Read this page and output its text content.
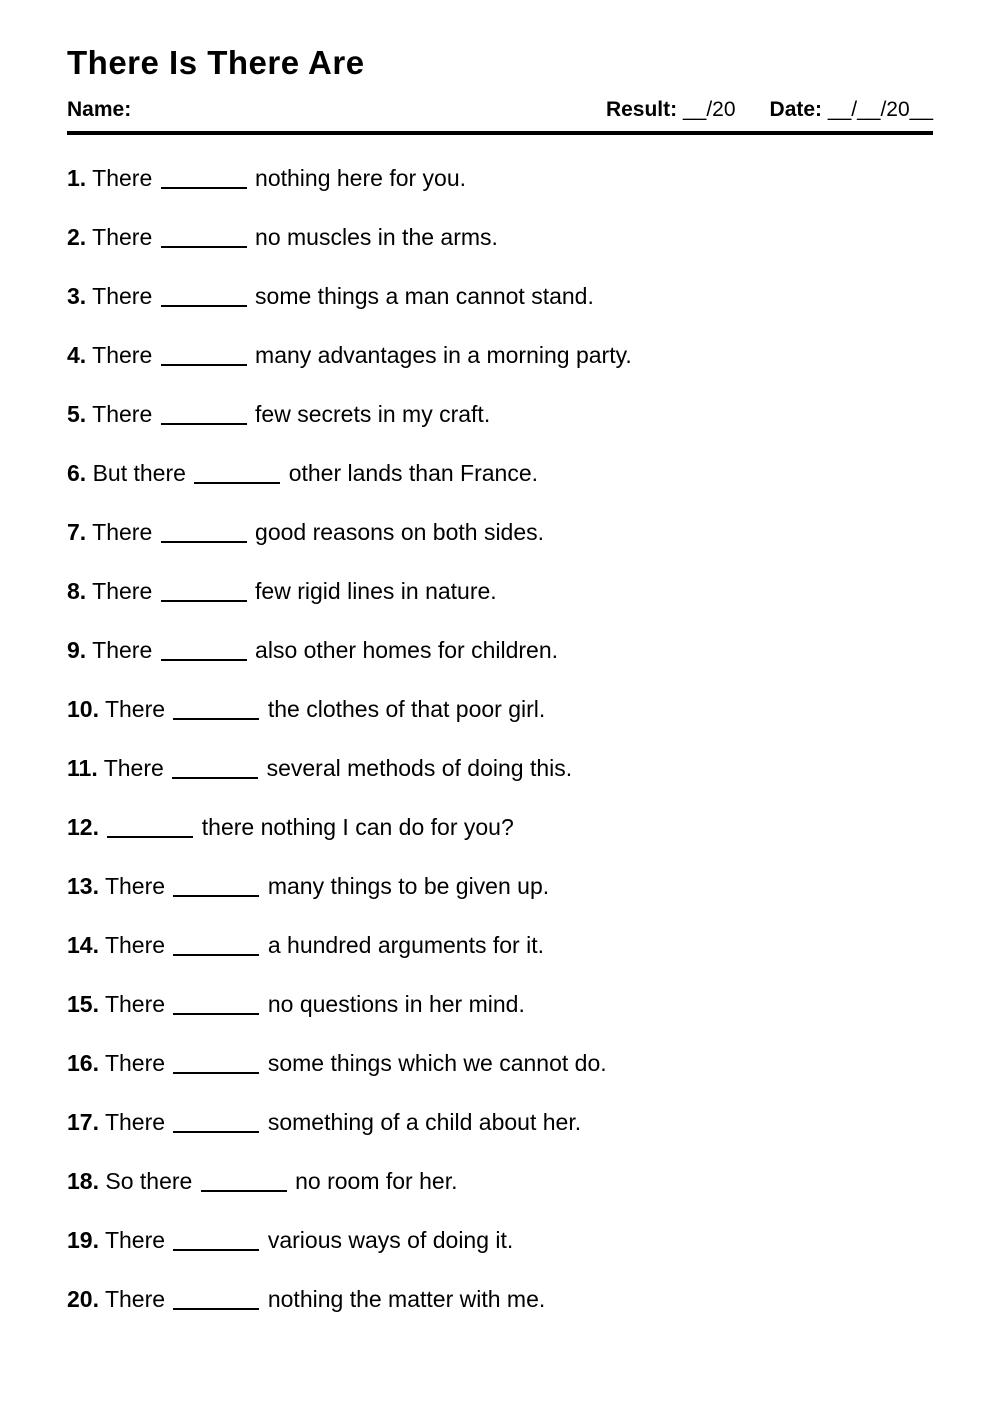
There Is There Are
Name:	Result: __/20 Date: __/__/20__
1. There	nothing here for you.
2. There	no muscles in the arms.
3. There	some things a man cannot stand.
4. There	many advantages in a morning party.
5. There	few secrets in my craft.
6. But there	other lands than France.
7. There	good reasons on both sides.
8. There	few rigid lines in nature.
9. There	also other homes for children.
10. There	the clothes of that poor girl.
11. There	several methods of doing this.
12.	there nothing I can do for you?
13. There	many things to be given up.
14. There	a hundred arguments for it.
15. There	no questions in her mind.
16. There	some things which we cannot do.
17. There	something of a child about her.
18. So there	no room for her.
19. There	various ways of doing it.
20. There	nothing the matter with me.
